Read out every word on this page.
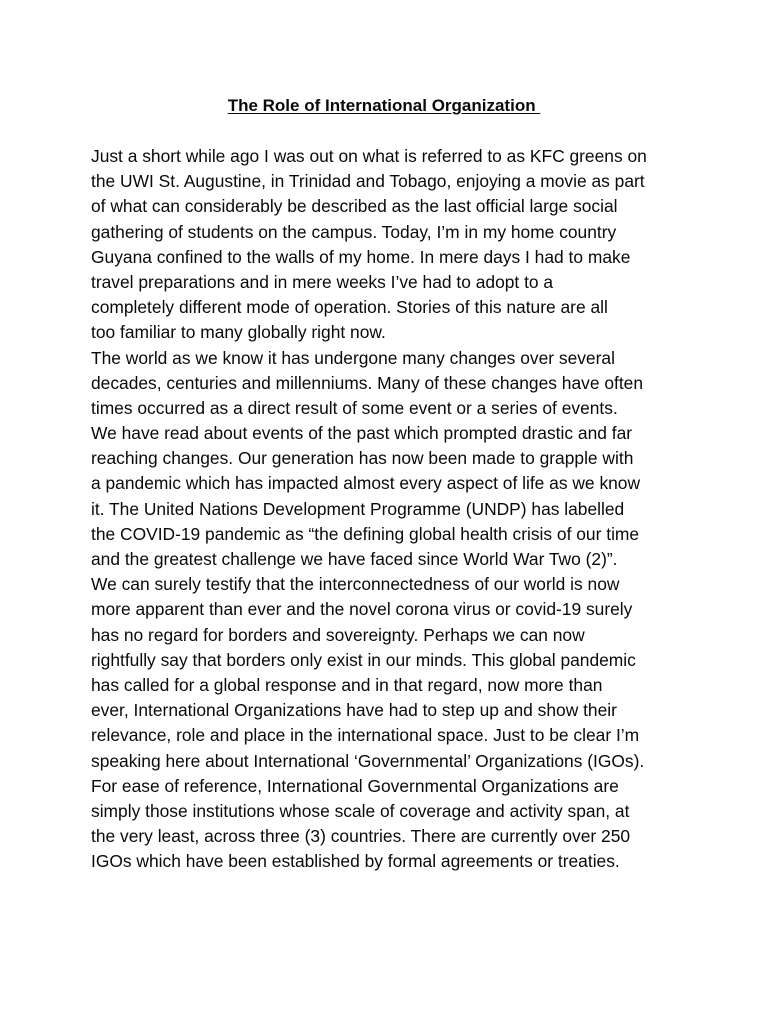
The Role of International Organization
Just a short while ago I was out on what is referred to as KFC greens on
the UWI St. Augustine, in Trinidad and Tobago, enjoying a movie as part
of what can considerably be described as the last official large social
gathering of students on the campus. Today, I’m in my home country
Guyana confined to the walls of my home. In mere days I had to make
travel preparations and in mere weeks I’ve had to adopt to a
completely different mode of operation. Stories of this nature are all
too familiar to many globally right now.
The world as we know it has undergone many changes over several
decades, centuries and millenniums. Many of these changes have often
times occurred as a direct result of some event or a series of events.
We have read about events of the past which prompted drastic and far
reaching changes. Our generation has now been made to grapple with
a pandemic which has impacted almost every aspect of life as we know
it. The United Nations Development Programme (UNDP) has labelled
the COVID-19 pandemic as “the defining global health crisis of our time
and the greatest challenge we have faced since World War Two (2)”.
We can surely testify that the interconnectedness of our world is now
more apparent than ever and the novel corona virus or covid-19 surely
has no regard for borders and sovereignty. Perhaps we can now
rightfully say that borders only exist in our minds. This global pandemic
has called for a global response and in that regard, now more than
ever, International Organizations have had to step up and show their
relevance, role and place in the international space. Just to be clear I’m
speaking here about International ‘Governmental’ Organizations (IGOs).
For ease of reference, International Governmental Organizations are
simply those institutions whose scale of coverage and activity span, at
the very least, across three (3) countries. There are currently over 250
IGOs which have been established by formal agreements or treaties.
